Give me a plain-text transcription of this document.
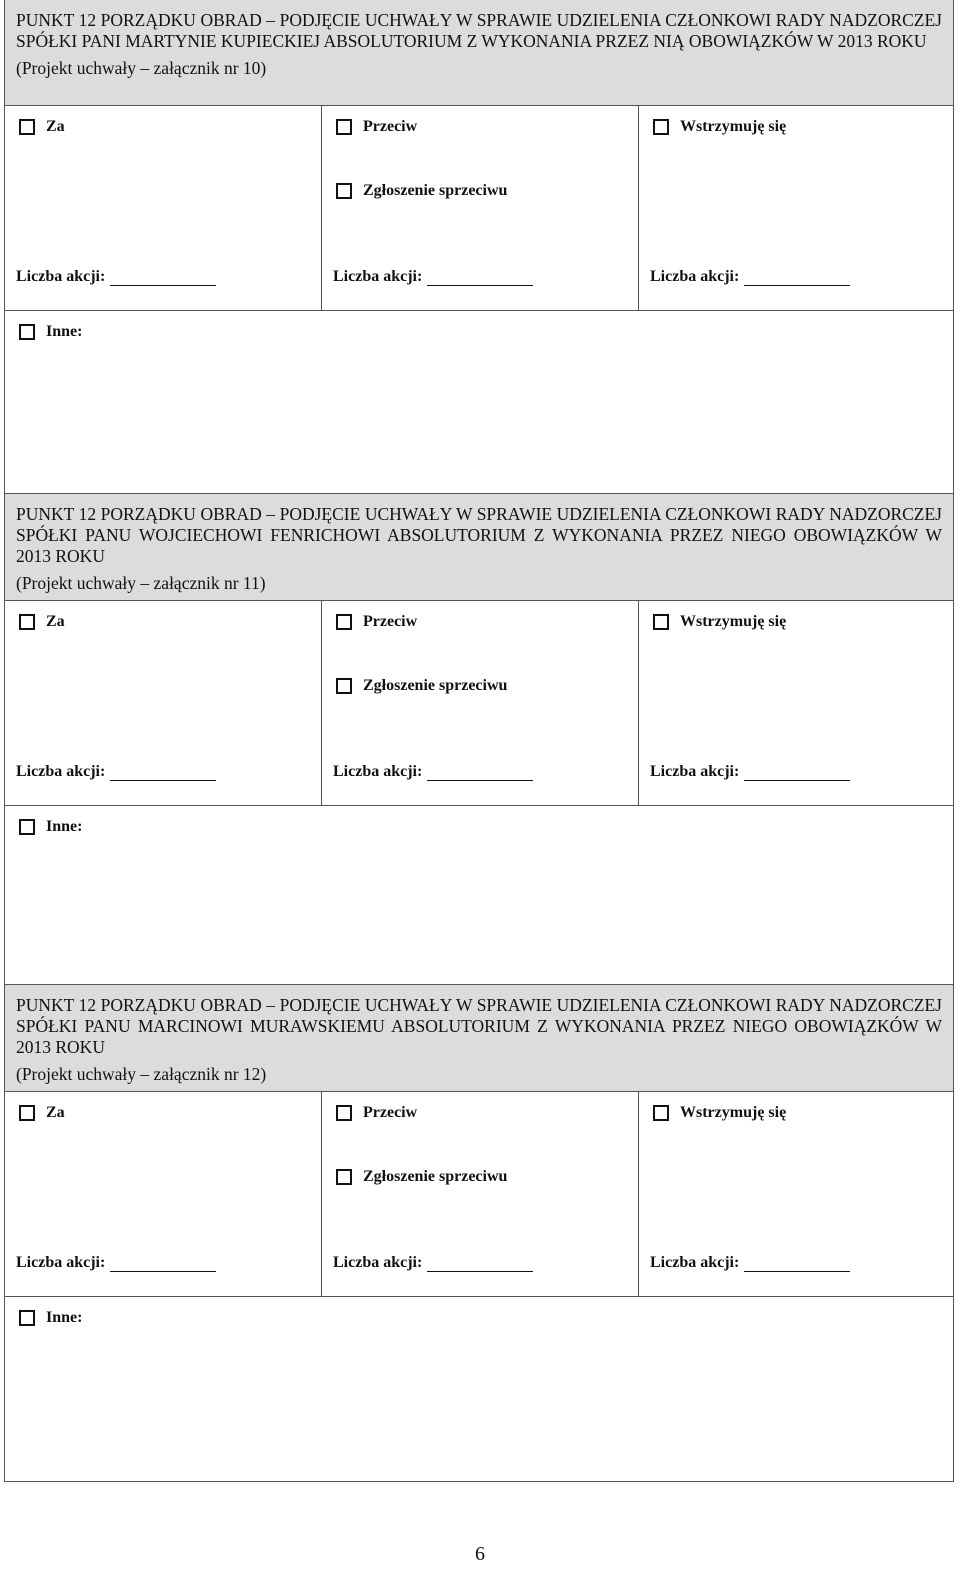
PUNKT 12 PORZĄDKU OBRAD – PODJĘCIE UCHWAŁY W SPRAWIE UDZIELENIA CZŁONKOWI RADY NADZORCZEJ SPÓŁKI PANI MARTYNIE KUPIECKIEJ ABSOLUTORIUM Z WYKONANIA PRZEZ NIĄ OBOWIĄZKÓW W 2013 ROKU
(Projekt uchwały – załącznik nr 10)
Za
Liczba akcji:
Przeciw
Zgłoszenie sprzeciwu
Liczba akcji:
Wstrzymuję się
Liczba akcji:
Inne:
PUNKT 12 PORZĄDKU OBRAD – PODJĘCIE UCHWAŁY W SPRAWIE UDZIELENIA CZŁONKOWI RADY NADZORCZEJ SPÓŁKI PANU WOJCIECHOWI FENRICHOWI ABSOLUTORIUM Z WYKONANIA PRZEZ NIEGO OBOWIĄZKÓW W 2013 ROKU
(Projekt uchwały – załącznik nr 11)
Za
Liczba akcji:
Przeciw
Zgłoszenie sprzeciwu
Liczba akcji:
Wstrzymuję się
Liczba akcji:
Inne:
PUNKT 12 PORZĄDKU OBRAD – PODJĘCIE UCHWAŁY W SPRAWIE UDZIELENIA CZŁONKOWI RADY NADZORCZEJ SPÓŁKI PANU MARCINOWI MURAWSKIEMU ABSOLUTORIUM Z WYKONANIA PRZEZ NIEGO OBOWIĄZKÓW W 2013 ROKU
(Projekt uchwały – załącznik nr 12)
Za
Liczba akcji:
Przeciw
Zgłoszenie sprzeciwu
Liczba akcji:
Wstrzymuję się
Liczba akcji:
Inne:
6
